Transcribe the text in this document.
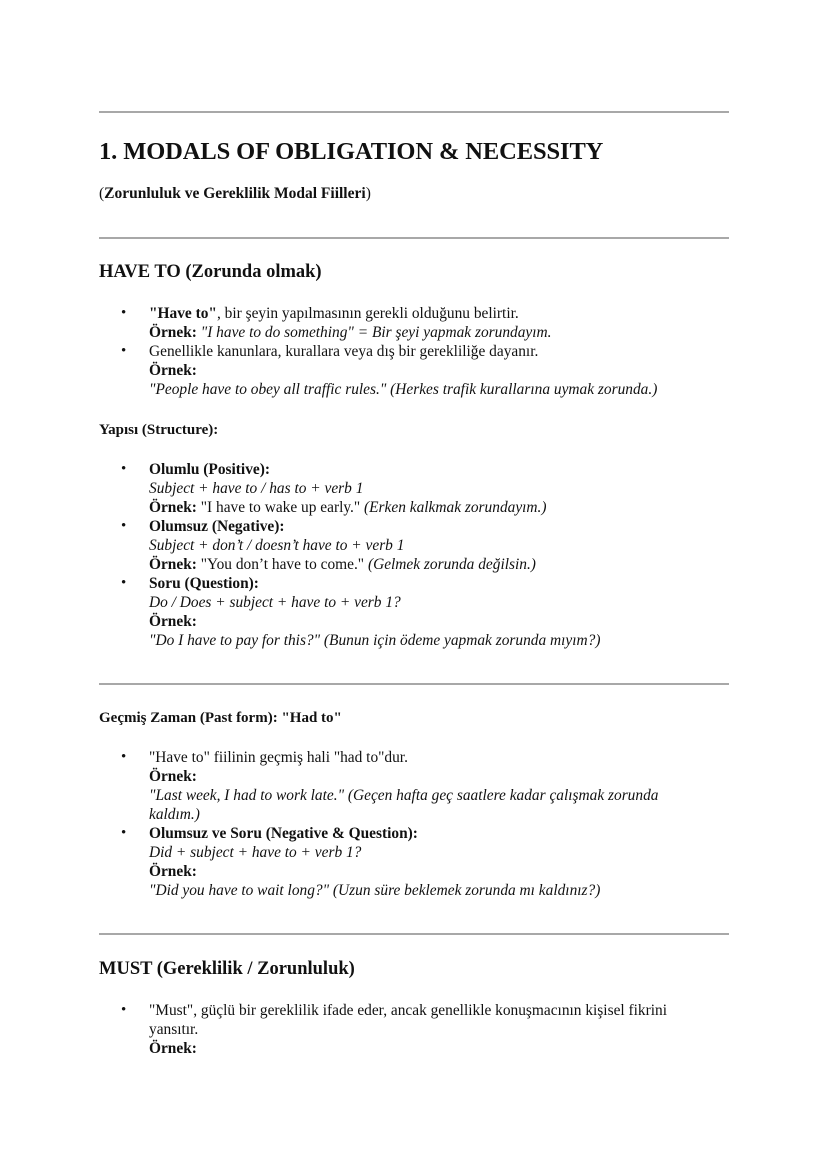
1. MODALS OF OBLIGATION & NECESSITY

(Zorunluluk ve Gereklilik Modal Fiilleri)

HAVE TO (Zorunda olmak)
• "Have to", bir şeyin yapılmasının gerekli olduğunu belirtir.
Örnek: "I have to do something" = Bir şeyi yapmak zorundayım.
• Genellikle kanunlara, kurallara veya dış bir gerekliliğe dayanır.
Örnek:
"People have to obey all traffic rules." (Herkes trafik kurallarına uymak zorunda.)

Yapısı (Structure):

• Olumlu (Positive):
Subject + have to / has to + verb 1
Örnek: "I have to wake up early." (Erken kalkmak zorundayım.)
• Olumsuz (Negative):
Subject + don’t / doesn’t have to + verb 1
Örnek: "You don’t have to come." (Gelmek zorunda değilsin.)
• Soru (Question):
Do / Does + subject + have to + verb 1?
Örnek:
"Do I have to pay for this?" (Bunun için ödeme yapmak zorunda mıyım?)

Geçmiş Zaman (Past form): "Had to"

• "Have to" fiilinin geçmiş hali "had to"dur.
Örnek:
"Last week, I had to work late." (Geçen hafta geç saatlere kadar çalışmak zorunda kaldım.)
• Olumsuz ve Soru (Negative & Question):
Did + subject + have to + verb 1?
Örnek:
"Did you have to wait long?" (Uzun süre beklemek zorunda mı kaldınız?)
MUST (Gereklilik / Zorunluluk)
• "Must", güçlü bir gereklilik ifade eder, ancak genellikle konuşmacının kişisel fikrini yansıtır.
Örnek:
